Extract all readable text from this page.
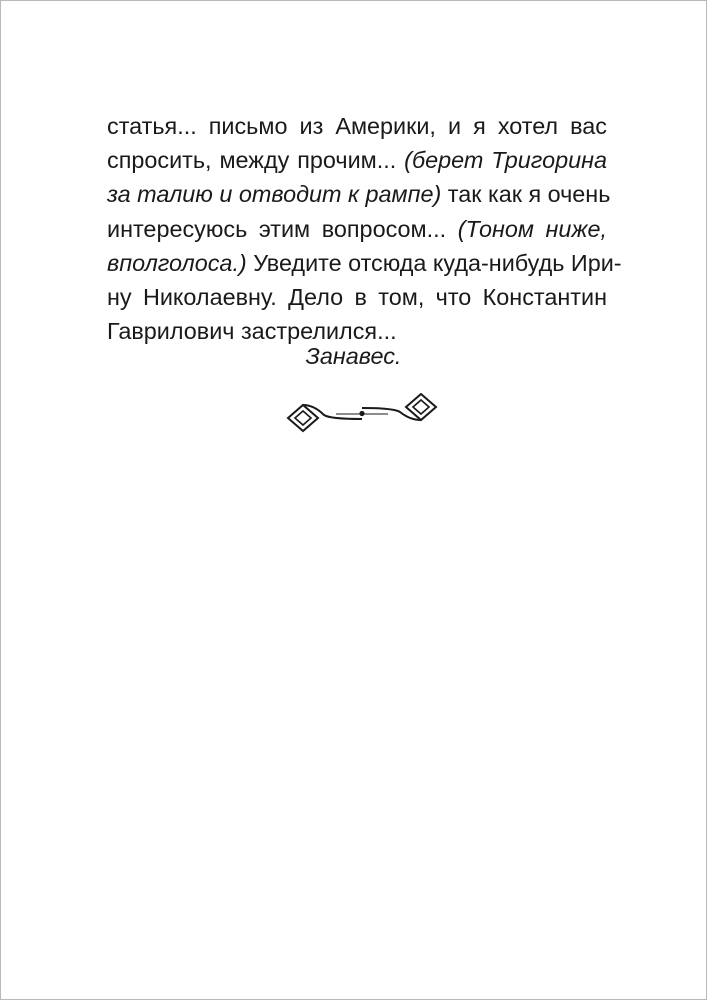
статья... письмо из Америки, и я хотел вас
спросить, между прочим... (берет Тригорина
за талию и отводит к рампе) так как я очень
интересуюсь этим вопросом... (Тоном ниже,
вполголоса.) Уведите отсюда куда-нибудь Ири-
ну Николаевну. Дело в том, что Константин
Гаврилович застрелился...
Занавес.
